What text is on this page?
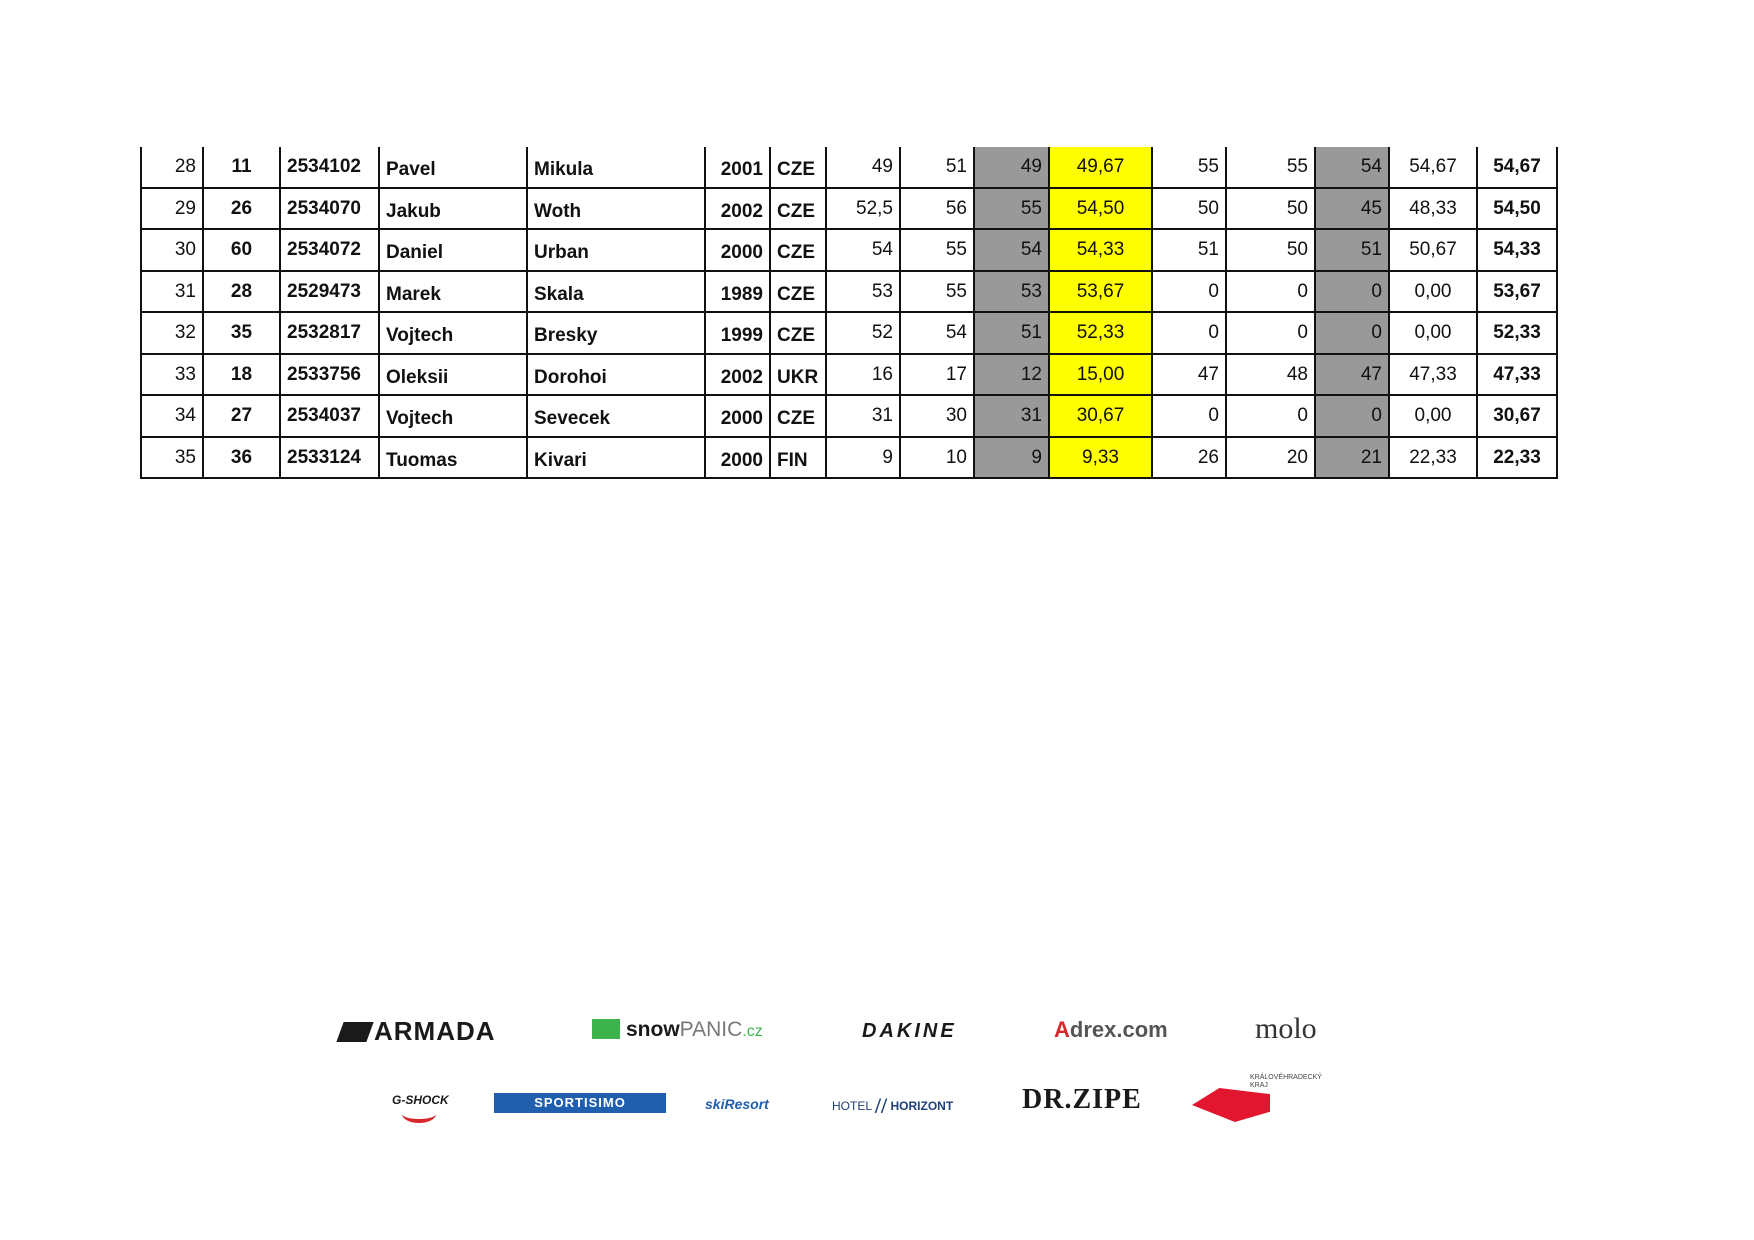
28	11	2534102	Pavel	Mikula	2001	CZE	49	51	49	49,67	55	55	54	54,67	54,67
29	26	2534070	Jakub	Woth	2002	CZE	52,5	56	55	54,50	50	50	45	48,33	54,50
30	60	2534072	Daniel	Urban	2000	CZE	54	55	54	54,33	51	50	51	50,67	54,33
31	28	2529473	Marek	Skala	1989	CZE	53	55	53	53,67	0	0	0	0,00	53,67
32	35	2532817	Vojtech	Bresky	1999	CZE	52	54	51	52,33	0	0	0	0,00	52,33
33	18	2533756	Oleksii	Dorohoi	2002	UKR	16	17	12	15,00	47	48	47	47,33	47,33
34	27	2534037	Vojtech	Sevecek	2000	CZE	31	30	31	30,67	0	0	0	0,00	30,67
35	36	2533124	Tuomas	Kivari	2000	FIN	9	10	9	9,33	26	20	21	22,33	22,33
ARMADA	snowPANIC.cz	DAKINE	Adrex.com	molo
G-SHOCK	SPORTISIMO	skiResort	HOTEL // HORIZONT DR.ZIPE
KRÁLOVÉHRADECKÝ KRAJ
